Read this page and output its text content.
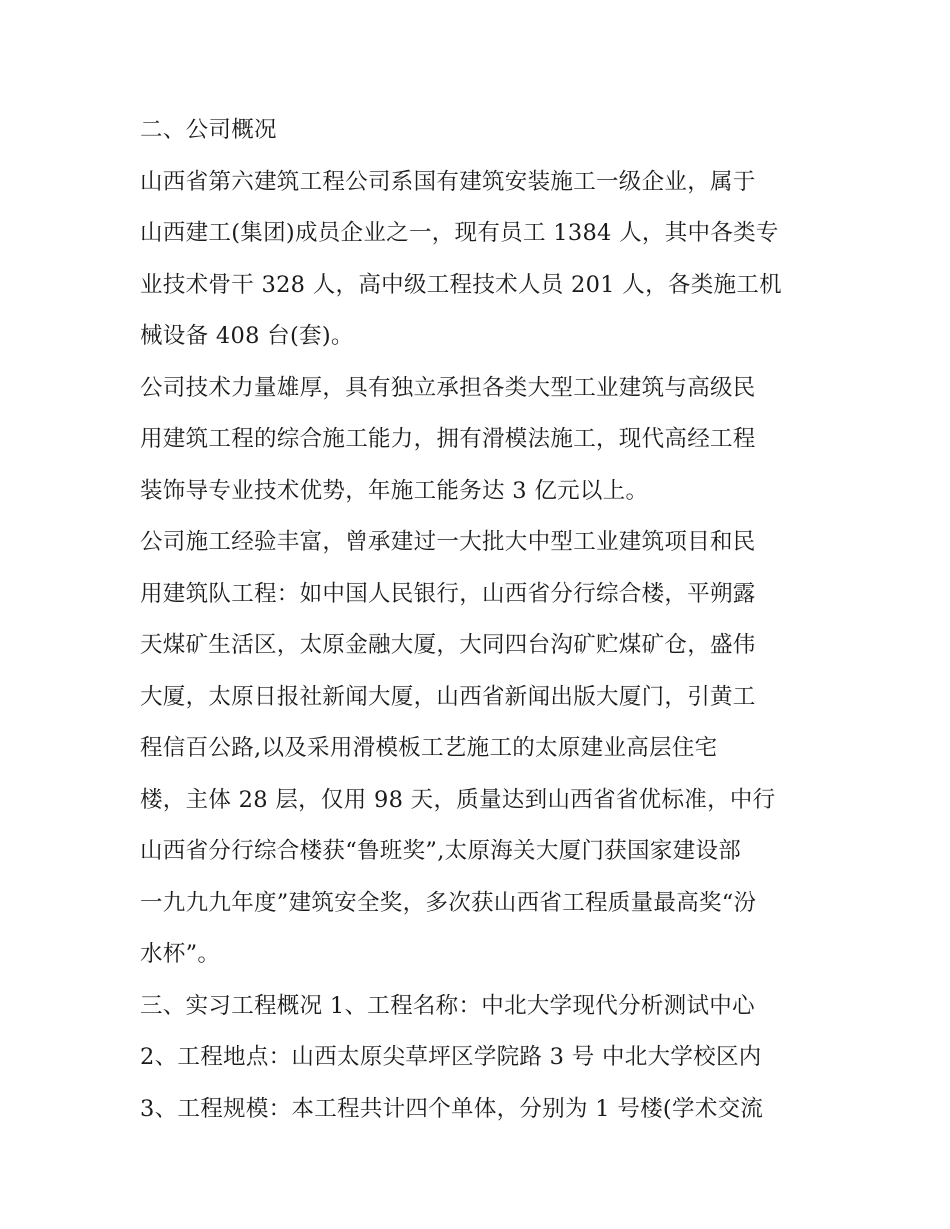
二、公司概况
山西省第六建筑工程公司系国有建筑安装施工一级企业，属于
山西建工(集团)成员企业之一，现有员工 1384 人，其中各类专
业技术骨干 328 人，高中级工程技术人员 201 人，各类施工机
械设备 408 台(套)。
公司技术力量雄厚，具有独立承担各类大型工业建筑与高级民
用建筑工程的综合施工能力，拥有滑模法施工，现代高经工程
装饰导专业技术优势，年施工能务达 3 亿元以上。
公司施工经验丰富，曾承建过一大批大中型工业建筑项目和民
用建筑队工程：如中国人民银行，山西省分行综合楼，平朔露
天煤矿生活区，太原金融大厦，大同四台沟矿贮煤矿仓，盛伟
大厦，太原日报社新闻大厦，山西省新闻出版大厦门，引黄工
程信百公路,以及采用滑模板工艺施工的太原建业高层住宅
楼，主体 28 层，仅用 98 天，质量达到山西省省优标准，中行
山西省分行综合楼获“鲁班奖”,太原海关大厦门获国家建设部
一九九九年度”建筑安全奖，多次获山西省工程质量最高奖“汾
水杯”。
三、实习工程概况 1、工程名称：中北大学现代分析测试中心
2、工程地点：山西太原尖草坪区学院路 3 号 中北大学校区内
3、工程规模：本工程共计四个单体，分别为 1 号楼(学术交流
